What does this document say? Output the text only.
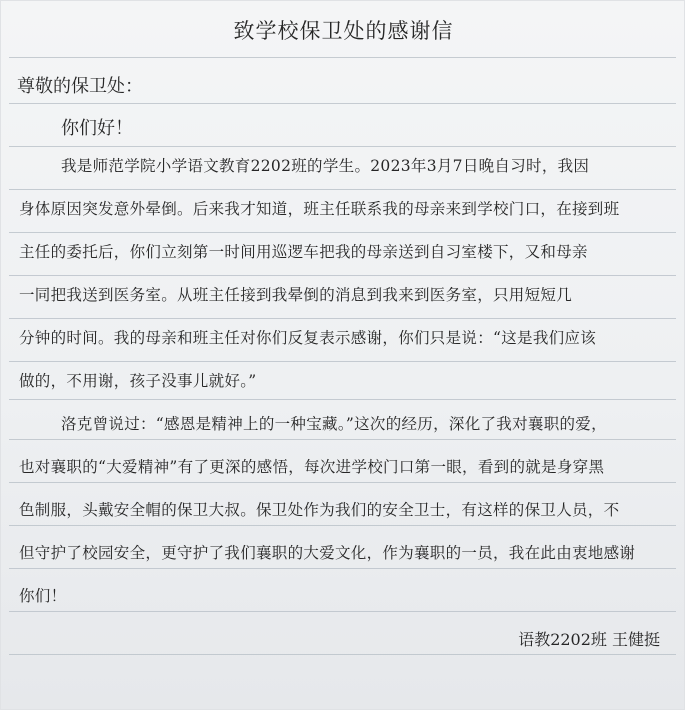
致学校保卫处的感谢信
尊敬的保卫处：
你们好！
我是师范学院小学语文教育2202班的学生。2023年3月7日晚自习时，我因
身体原因突发意外晕倒。后来我才知道，班主任联系我的母亲来到学校门口，在接到班
主任的委托后，你们立刻第一时间用巡逻车把我的母亲送到自习室楼下，又和母亲
一同把我送到医务室。从班主任接到我晕倒的消息到我来到医务室，只用短短几
分钟的时间。我的母亲和班主任对你们反复表示感谢，你们只是说：“这是我们应该
做的，不用谢，孩子没事儿就好。”
洛克曾说过：“感恩是精神上的一种宝藏。”这次的经历，深化了我对襄职的爱，
也对襄职的“大爱精神”有了更深的感悟，每次进学校门口第一眼，看到的就是身穿黑
色制服，头戴安全帽的保卫大叔。保卫处作为我们的安全卫士，有这样的保卫人员，不
但守护了校园安全，更守护了我们襄职的大爱文化，作为襄职的一员，我在此由衷地感谢
你们！
语教2202班 王健挺
